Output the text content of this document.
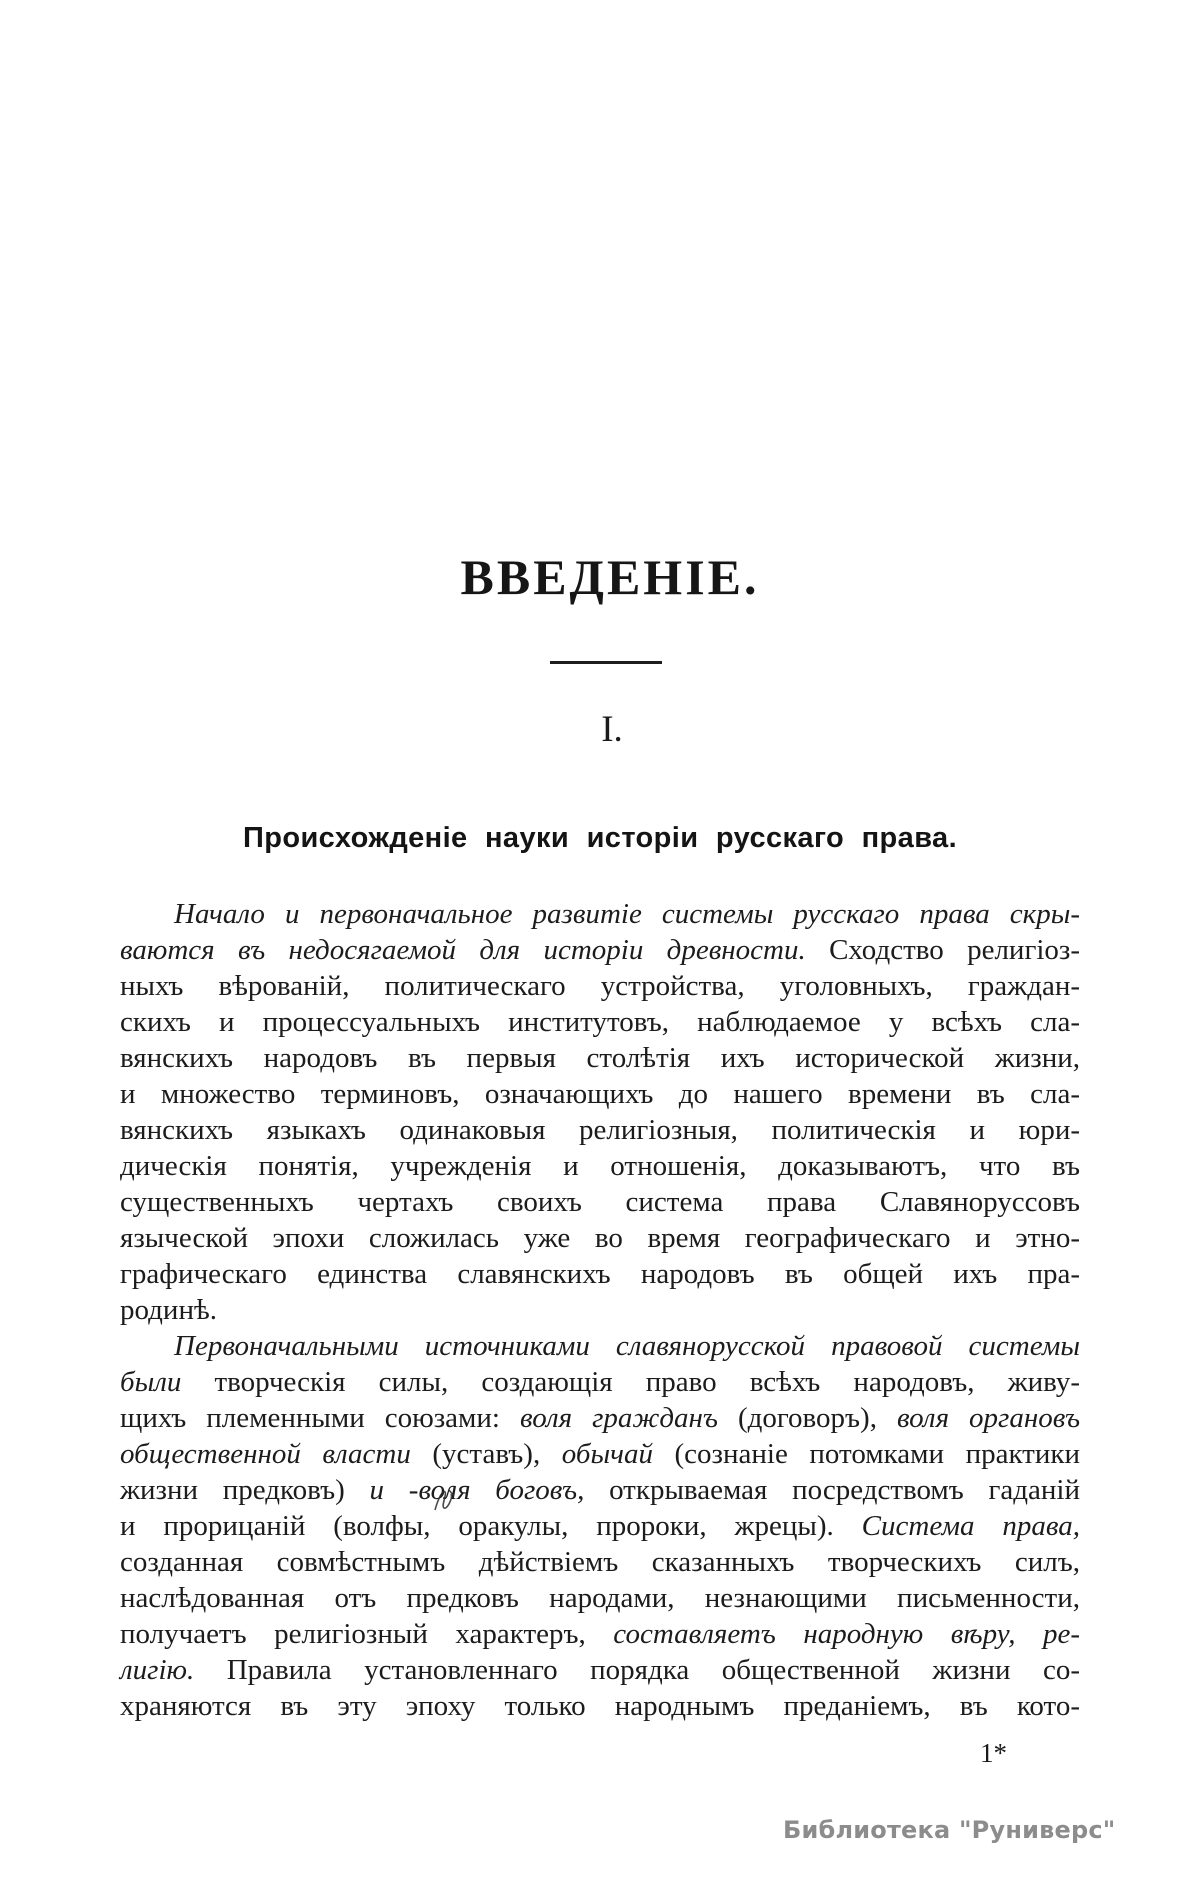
ВВЕДЕНІЕ.
I.
Происхожденіе науки исторіи русскаго права.
Начало и первоначальное развитіе системы русскаго права скры-
ваются въ недосягаемой для исторіи древности. Сходство религіоз-
ныхъ вѣрованій, политическаго устройства, уголовныхъ, граждан-
скихъ и процессуальныхъ институтовъ, наблюдаемое у всѣхъ сла-
вянскихъ народовъ въ первыя столѣтія ихъ исторической жизни,
и множество терминовъ, означающихъ до нашего времени въ сла-
вянскихъ языкахъ одинаковыя религіозныя, политическія и юри-
дическія понятія, учрежденія и отношенія, доказываютъ, что въ
существенныхъ чертахъ своихъ система права Славяноруссовъ
языческой эпохи сложилась уже во время географическаго и этно-
графическаго единства славянскихъ народовъ въ общей ихъ пра-
родинѣ.
Первоначальными источниками славянорусской правовой системы
были творческія силы, создающія право всѣхъ народовъ, живу-
щихъ племенными союзами: воля гражданъ (договоръ), воля органовъ
общественной власти (уставъ), обычай (сознаніе потомками практики
жизни предковъ) и -воля боговъ, открываемая посредствомъ гаданій
и прорицаній (волфы, оракулы, пророки, жрецы). Система права,
созданная совмѣстнымъ дѣйствіемъ сказанныхъ творческихъ силъ,
наслѣдованная отъ предковъ народами, незнающими письменности,
получаетъ религіозный характеръ, составляетъ народную вѣру, ре-
лигію. Правила установленнаго порядка общественной жизни со-
храняются въ эту эпоху только народнымъ преданіемъ, въ кото-
1*
Библиотека "Руниверс"
